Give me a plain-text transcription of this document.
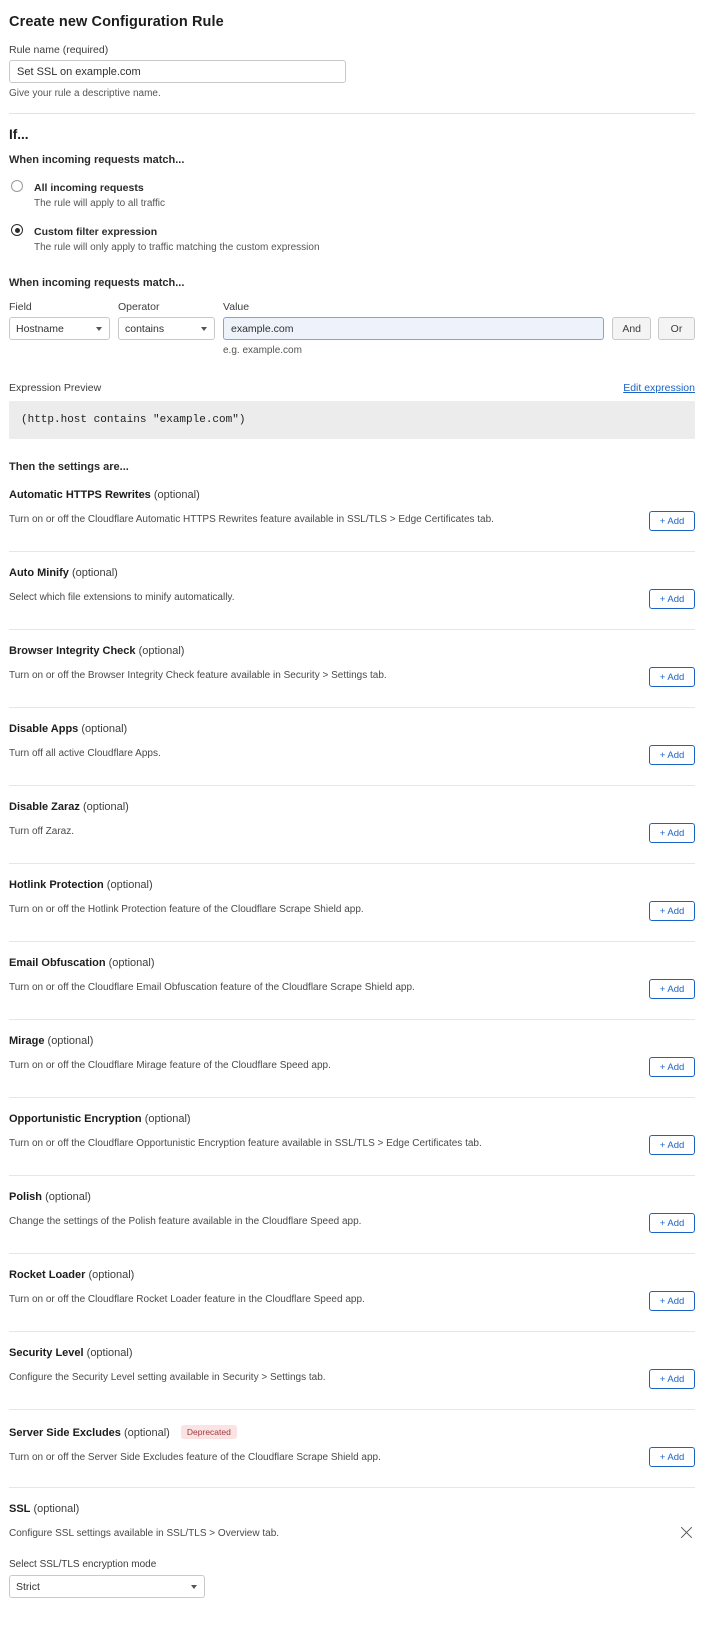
Create new Configuration Rule
Rule name (required)
Set SSL on example.com
Give your rule a descriptive name.
If...
When incoming requests match...
All incoming requests
The rule will apply to all traffic
Custom filter expression
The rule will only apply to traffic matching the custom expression
When incoming requests match...
Field
Hostname
Operator
contains
Value
example.com
e.g. example.com

And	Or
Expression Preview	Edit expression
(http.host contains "example.com")
Then the settings are...
Automatic HTTPS Rewrites (optional)
Turn on or off the Cloudflare Automatic HTTPS Rewrites feature available in SSL/TLS > Edge Certificates tab.	+ Add
Auto Minify (optional)
Select which file extensions to minify automatically.	+ Add
Browser Integrity Check (optional)
Turn on or off the Browser Integrity Check feature available in Security > Settings tab.	+ Add
Disable Apps (optional)
Turn off all active Cloudflare Apps.	+ Add
Disable Zaraz (optional)
Turn off Zaraz.	+ Add
Hotlink Protection (optional)
Turn on or off the Hotlink Protection feature of the Cloudflare Scrape Shield app.	+ Add
Email Obfuscation (optional)
Turn on or off the Cloudflare Email Obfuscation feature of the Cloudflare Scrape Shield app.	+ Add
Mirage (optional)
Turn on or off the Cloudflare Mirage feature of the Cloudflare Speed app.	+ Add
Opportunistic Encryption (optional)
Turn on or off the Cloudflare Opportunistic Encryption feature available in SSL/TLS > Edge Certificates tab.	+ Add
Polish (optional)
Change the settings of the Polish feature available in the Cloudflare Speed app.	+ Add
Rocket Loader (optional)
Turn on or off the Cloudflare Rocket Loader feature in the Cloudflare Speed app.	+ Add
Security Level (optional)
Configure the Security Level setting available in Security > Settings tab.	+ Add
Server Side Excludes (optional) Deprecated
Turn on or off the Server Side Excludes feature of the Cloudflare Scrape Shield app.	+ Add
SSL (optional)
Configure SSL settings available in SSL/TLS > Overview tab.
Select SSL/TLS encryption mode
Strict
